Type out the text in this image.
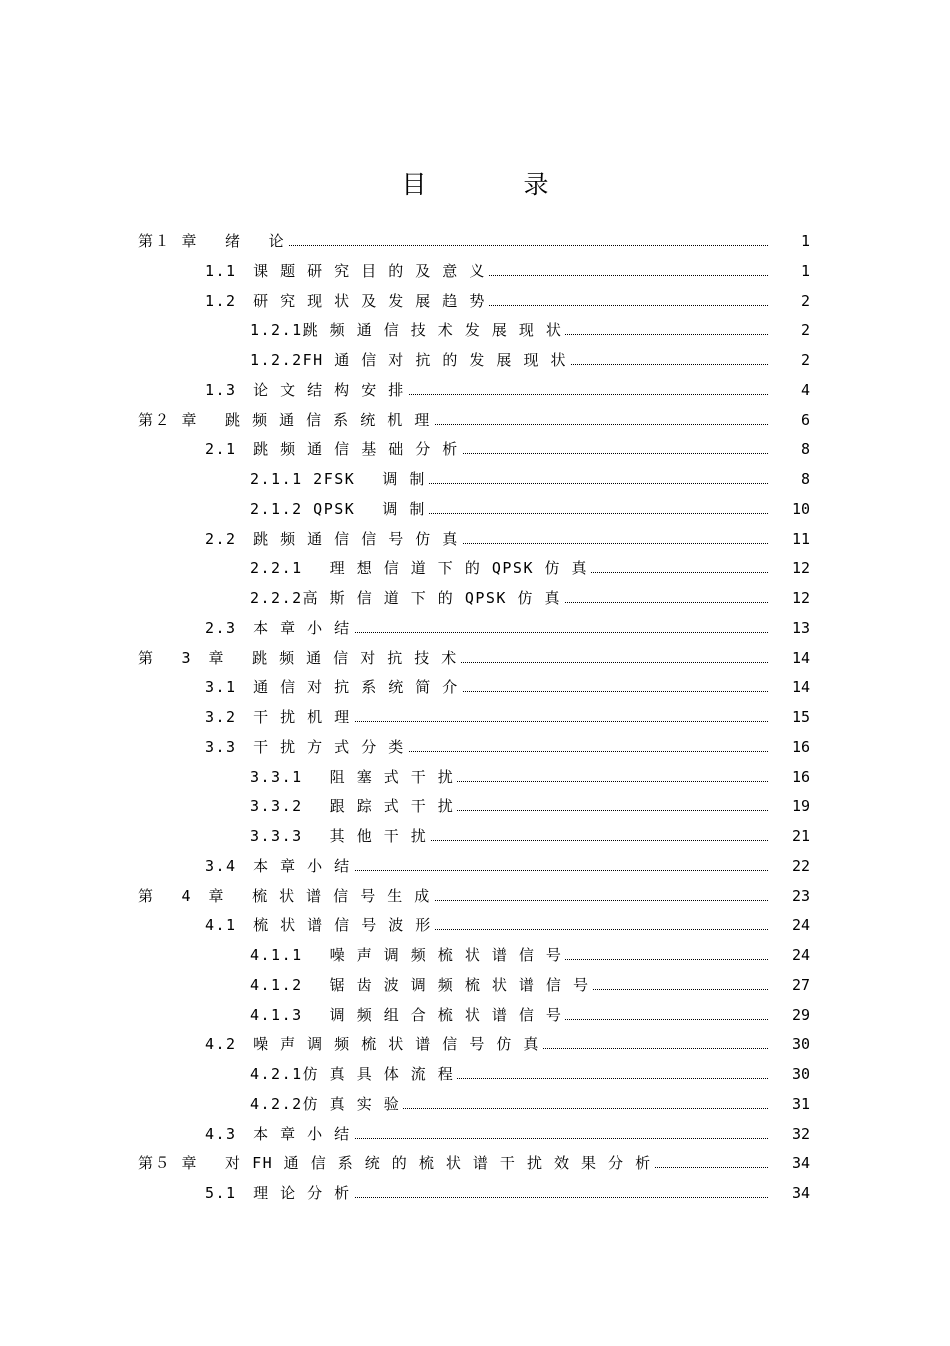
目　录
第１ 章　 绪　 论	1
1.1　课 题 研 究 目 的 及 意 义	1
1.2　研 究 现 状 及 发 展 趋 势	2
1.2.1跳 频 通 信 技 术 发 展 现 状	2
1.2.2FH 通 信 对 抗 的 发 展 现 状	2
1.3　论 文 结 构 安 排	4
第２ 章　 跳 频 通 信 系 统 机 理	6
2.1　跳 频 通 信 基 础 分 析	8
2.1.1 2FSK　 调 制	8
2.1.2 QPSK　 调 制	10
2.2　跳 频 通 信 信 号 仿 真	11
2.2.1　 理 想 信 道 下 的 QPSK 仿 真	12
2.2.2高 斯 信 道 下 的 QPSK 仿 真	12
2.3　本 章 小 结	13
第　 3　章　 跳 频 通 信 对 抗 技 术	14
3.1　通 信 对 抗 系 统 简 介	14
3.2　干 扰 机 理	15
3.3　干 扰 方 式 分 类	16
3.3.1　 阻 塞 式 干 扰	16
3.3.2　 跟 踪 式 干 扰	19
3.3.3　 其 他 干 扰	21
3.4　本 章 小 结	22
第　 4　章　 梳 状 谱 信 号 生 成	23
4.1　梳 状 谱 信 号 波 形	24
4.1.1　 噪 声 调 频 梳 状 谱 信 号	24
4.1.2　 锯 齿 波 调 频 梳 状 谱 信 号	27
4.1.3　 调 频 组 合 梳 状 谱 信 号	29
4.2　噪 声 调 频 梳 状 谱 信 号 仿 真	30
4.2.1仿 真 具 体 流 程	30
4.2.2仿 真 实 验	31
4.3　本 章 小 结	32
第５ 章　 对 FH 通 信 系 统 的 梳 状 谱 干 扰 效 果 分 析	34
5.1　理 论 分 析	34
